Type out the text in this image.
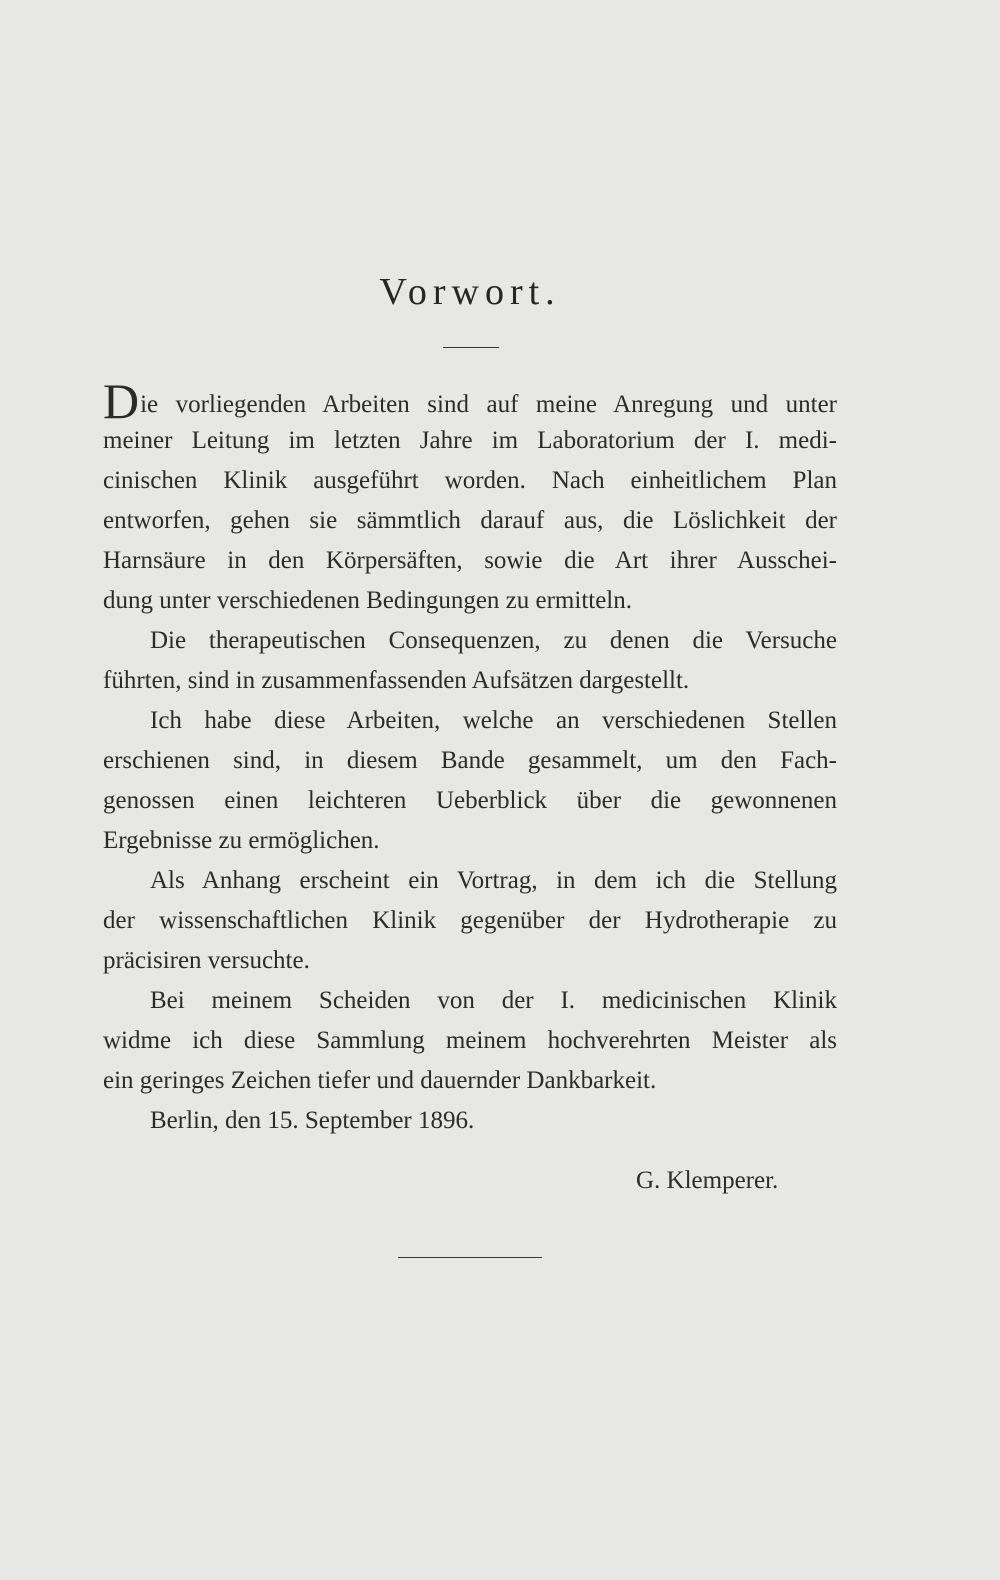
Vorwort.
Die vorliegenden Arbeiten sind auf meine Anregung und unter
meiner Leitung im letzten Jahre im Laboratorium der I. medi-
cinischen Klinik ausgeführt worden. Nach einheitlichem Plan
entworfen, gehen sie sämmtlich darauf aus, die Löslichkeit der
Harnsäure in den Körpersäften, sowie die Art ihrer Ausschei-
dung unter verschiedenen Bedingungen zu ermitteln.
Die therapeutischen Consequenzen, zu denen die Versuche
führten, sind in zusammenfassenden Aufsätzen dargestellt.
Ich habe diese Arbeiten, welche an verschiedenen Stellen
erschienen sind, in diesem Bande gesammelt, um den Fach-
genossen einen leichteren Ueberblick über die gewonnenen
Ergebnisse zu ermöglichen.
Als Anhang erscheint ein Vortrag, in dem ich die Stellung
der wissenschaftlichen Klinik gegenüber der Hydrotherapie zu
präcisiren versuchte.
Bei meinem Scheiden von der I. medicinischen Klinik
widme ich diese Sammlung meinem hochverehrten Meister als
ein geringes Zeichen tiefer und dauernder Dankbarkeit.
Berlin, den 15. September 1896.
G. Klemperer.
